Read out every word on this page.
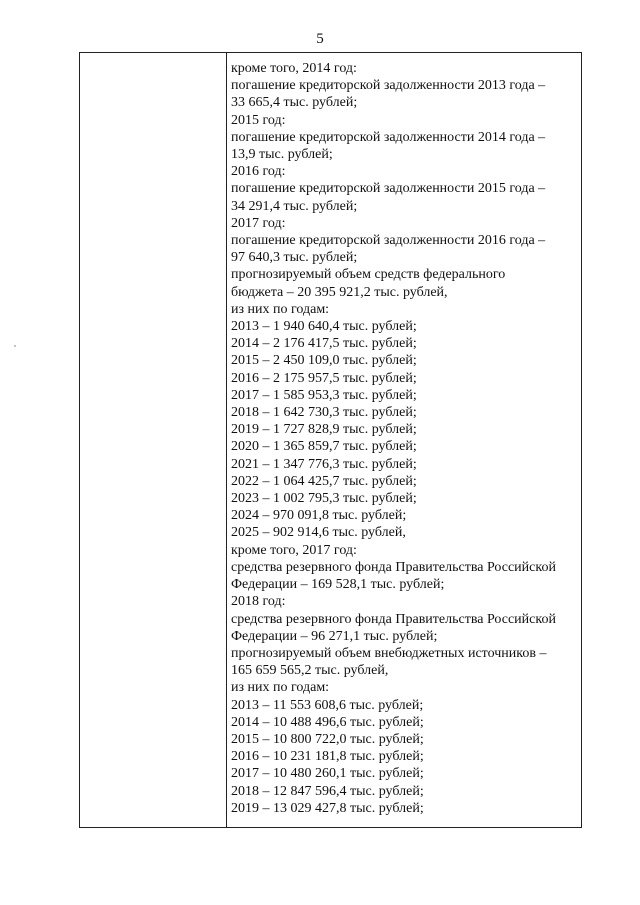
5
кроме того, 2014 год:
погашение кредиторской задолженности 2013 года –
33 665,4 тыс. рублей;
2015 год:
погашение кредиторской задолженности 2014 года –
13,9 тыс. рублей;
2016 год:
погашение кредиторской задолженности 2015 года –
34 291,4 тыс. рублей;
2017 год:
погашение кредиторской задолженности 2016 года –
97 640,3 тыс. рублей;
прогнозируемый объем средств федерального
бюджета – 20 395 921,2 тыс. рублей,
из них по годам:
2013 – 1 940 640,4 тыс. рублей;
2014 – 2 176 417,5 тыс. рублей;
2015 – 2 450 109,0 тыс. рублей;
2016 – 2 175 957,5 тыс. рублей;
2017 – 1 585 953,3 тыс. рублей;
2018 – 1 642 730,3 тыс. рублей;
2019 – 1 727 828,9 тыс. рублей;
2020 – 1 365 859,7 тыс. рублей;
2021 – 1 347 776,3 тыс. рублей;
2022 – 1 064 425,7 тыс. рублей;
2023 – 1 002 795,3 тыс. рублей;
2024 – 970 091,8 тыс. рублей;
2025 – 902 914,6 тыс. рублей,
кроме того, 2017 год:
средства резервного фонда Правительства Российской
Федерации – 169 528,1 тыс. рублей;
2018 год:
средства резервного фонда Правительства Российской
Федерации – 96 271,1 тыс. рублей;
прогнозируемый объем внебюджетных источников –
165 659 565,2 тыс. рублей,
из них по годам:
2013 – 11 553 608,6 тыс. рублей;
2014 – 10 488 496,6 тыс. рублей;
2015 – 10 800 722,0 тыс. рублей;
2016 – 10 231 181,8 тыс. рублей;
2017 – 10 480 260,1 тыс. рублей;
2018 – 12 847 596,4 тыс. рублей;
2019 – 13 029 427,8 тыс. рублей;
